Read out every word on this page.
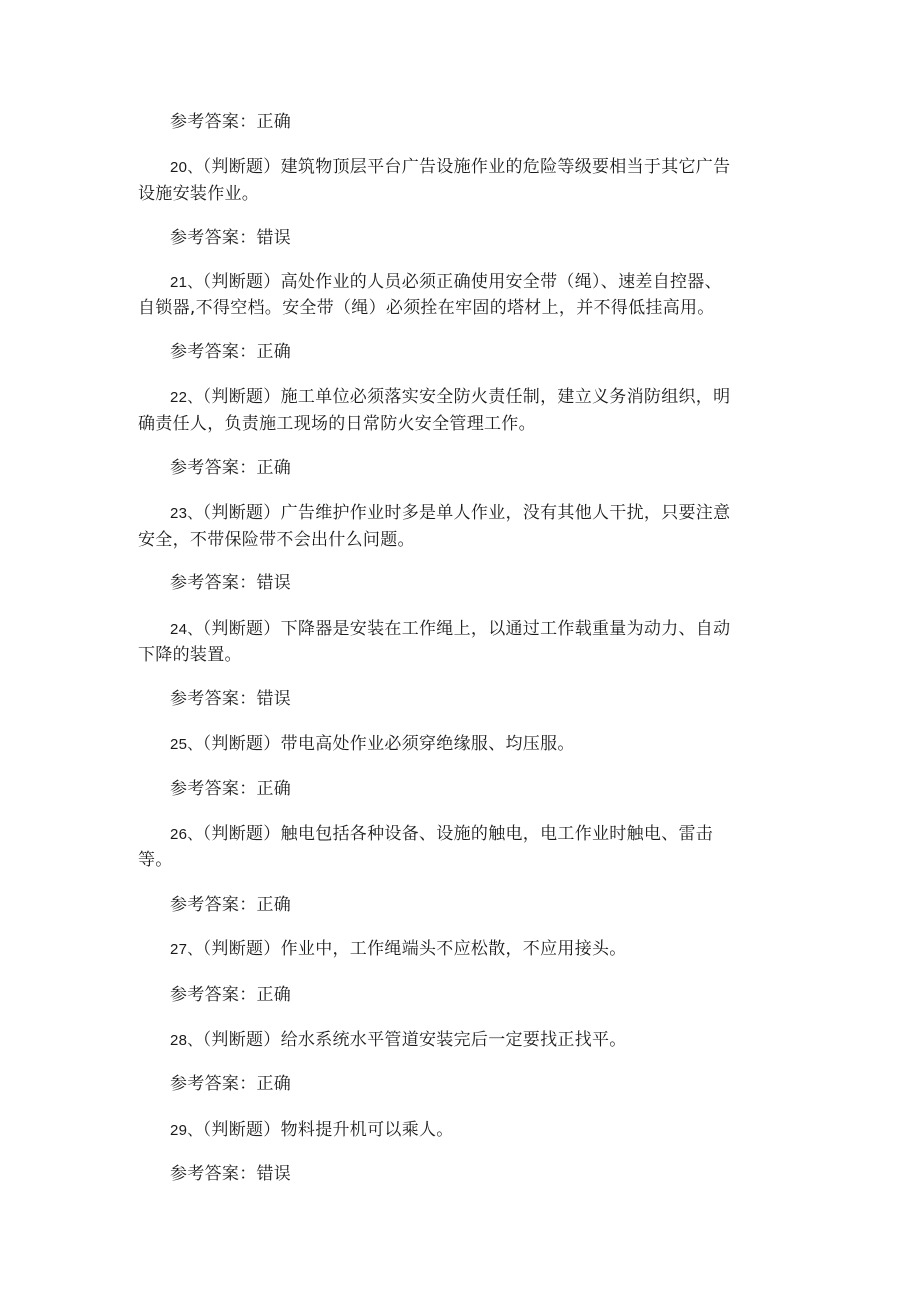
参考答案：正确
20、（判断题）建筑物顶层平台广告设施作业的危险等级要相当于其它广告
设施安装作业。
参考答案：错误
21、（判断题）高处作业的人员必须正确使用安全带（绳）、速差自控器、
自锁器,不得空档。安全带（绳）必须拴在牢固的塔材上，并不得低挂高用。
参考答案：正确
22、（判断题）施工单位必须落实安全防火责任制，建立义务消防组织，明
确责任人，负责施工现场的日常防火安全管理工作。
参考答案：正确
23、（判断题）广告维护作业时多是单人作业，没有其他人干扰，只要注意
安全，不带保险带不会出什么问题。
参考答案：错误
24、（判断题）下降器是安装在工作绳上，以通过工作载重量为动力、自动
下降的装置。
参考答案：错误
25、（判断题）带电高处作业必须穿绝缘服、均压服。
参考答案：正确
26、（判断题）触电包括各种设备、设施的触电，电工作业时触电、雷击
等。
参考答案：正确
27、（判断题）作业中，工作绳端头不应松散，不应用接头。
参考答案：正确
28、（判断题）给水系统水平管道安装完后一定要找正找平。
参考答案：正确
29、（判断题）物料提升机可以乘人。
参考答案：错误
